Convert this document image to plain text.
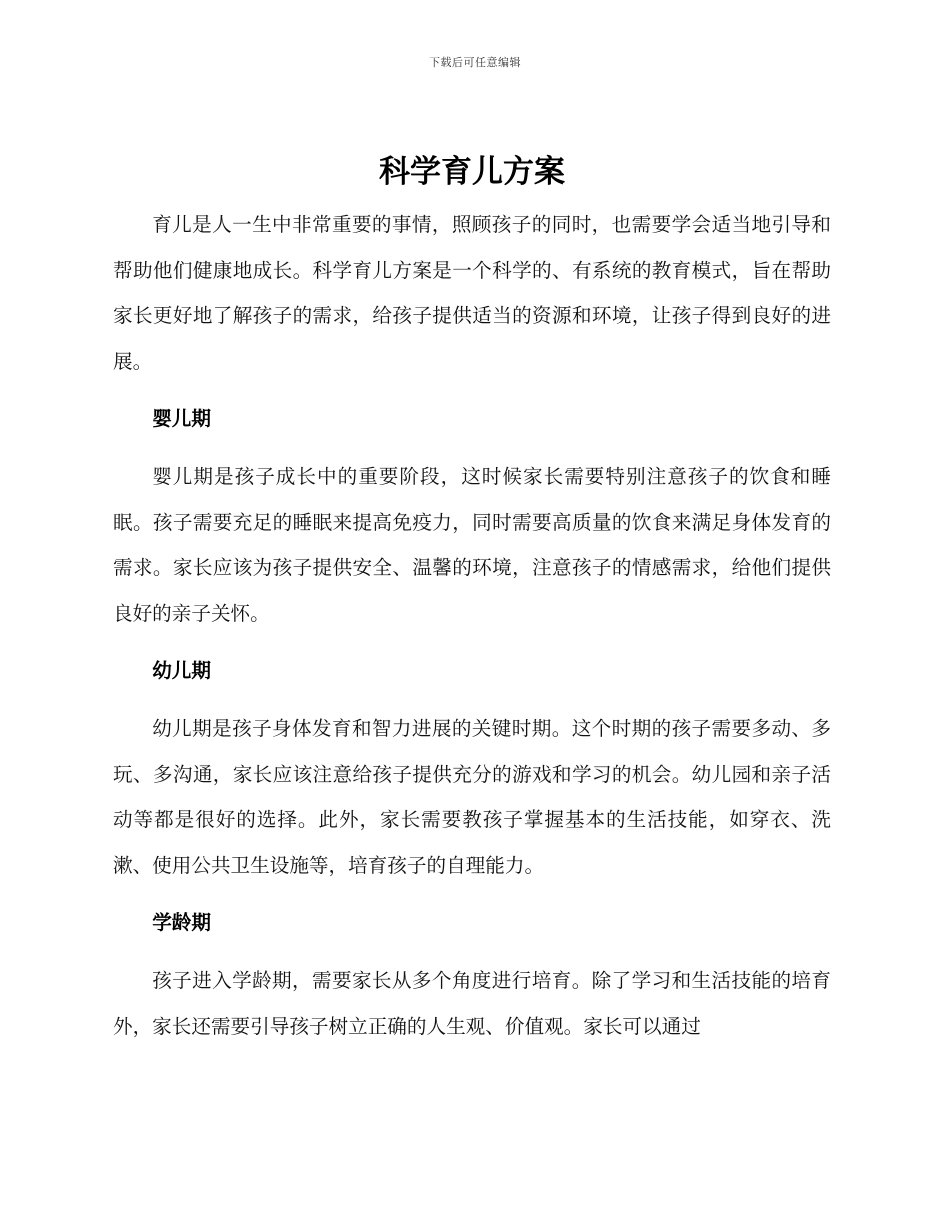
下载后可任意编辑
科学育儿方案

育儿是人一生中非常重要的事情，照顾孩子的同时，也需要学会适当地引导和帮助他们健康地成长。科学育儿方案是一个科学的、有系统的教育模式，旨在帮助家长更好地了解孩子的需求，给孩子提供适当的资源和环境，让孩子得到良好的进展。

婴儿期

婴儿期是孩子成长中的重要阶段，这时候家长需要特别注意孩子的饮食和睡眠。孩子需要充足的睡眠来提高免疫力，同时需要高质量的饮食来满足身体发育的需求。家长应该为孩子提供安全、温馨的环境，注意孩子的情感需求，给他们提供良好的亲子关怀。

幼儿期

幼儿期是孩子身体发育和智力进展的关键时期。这个时期的孩子需要多动、多玩、多沟通，家长应该注意给孩子提供充分的游戏和学习的机会。幼儿园和亲子活动等都是很好的选择。此外，家长需要教孩子掌握基本的生活技能，如穿衣、洗漱、使用公共卫生设施等，培育孩子的自理能力。

学龄期

孩子进入学龄期，需要家长从多个角度进行培育。除了学习和生活技能的培育外，家长还需要引导孩子树立正确的人生观、价值观。家长可以通过
